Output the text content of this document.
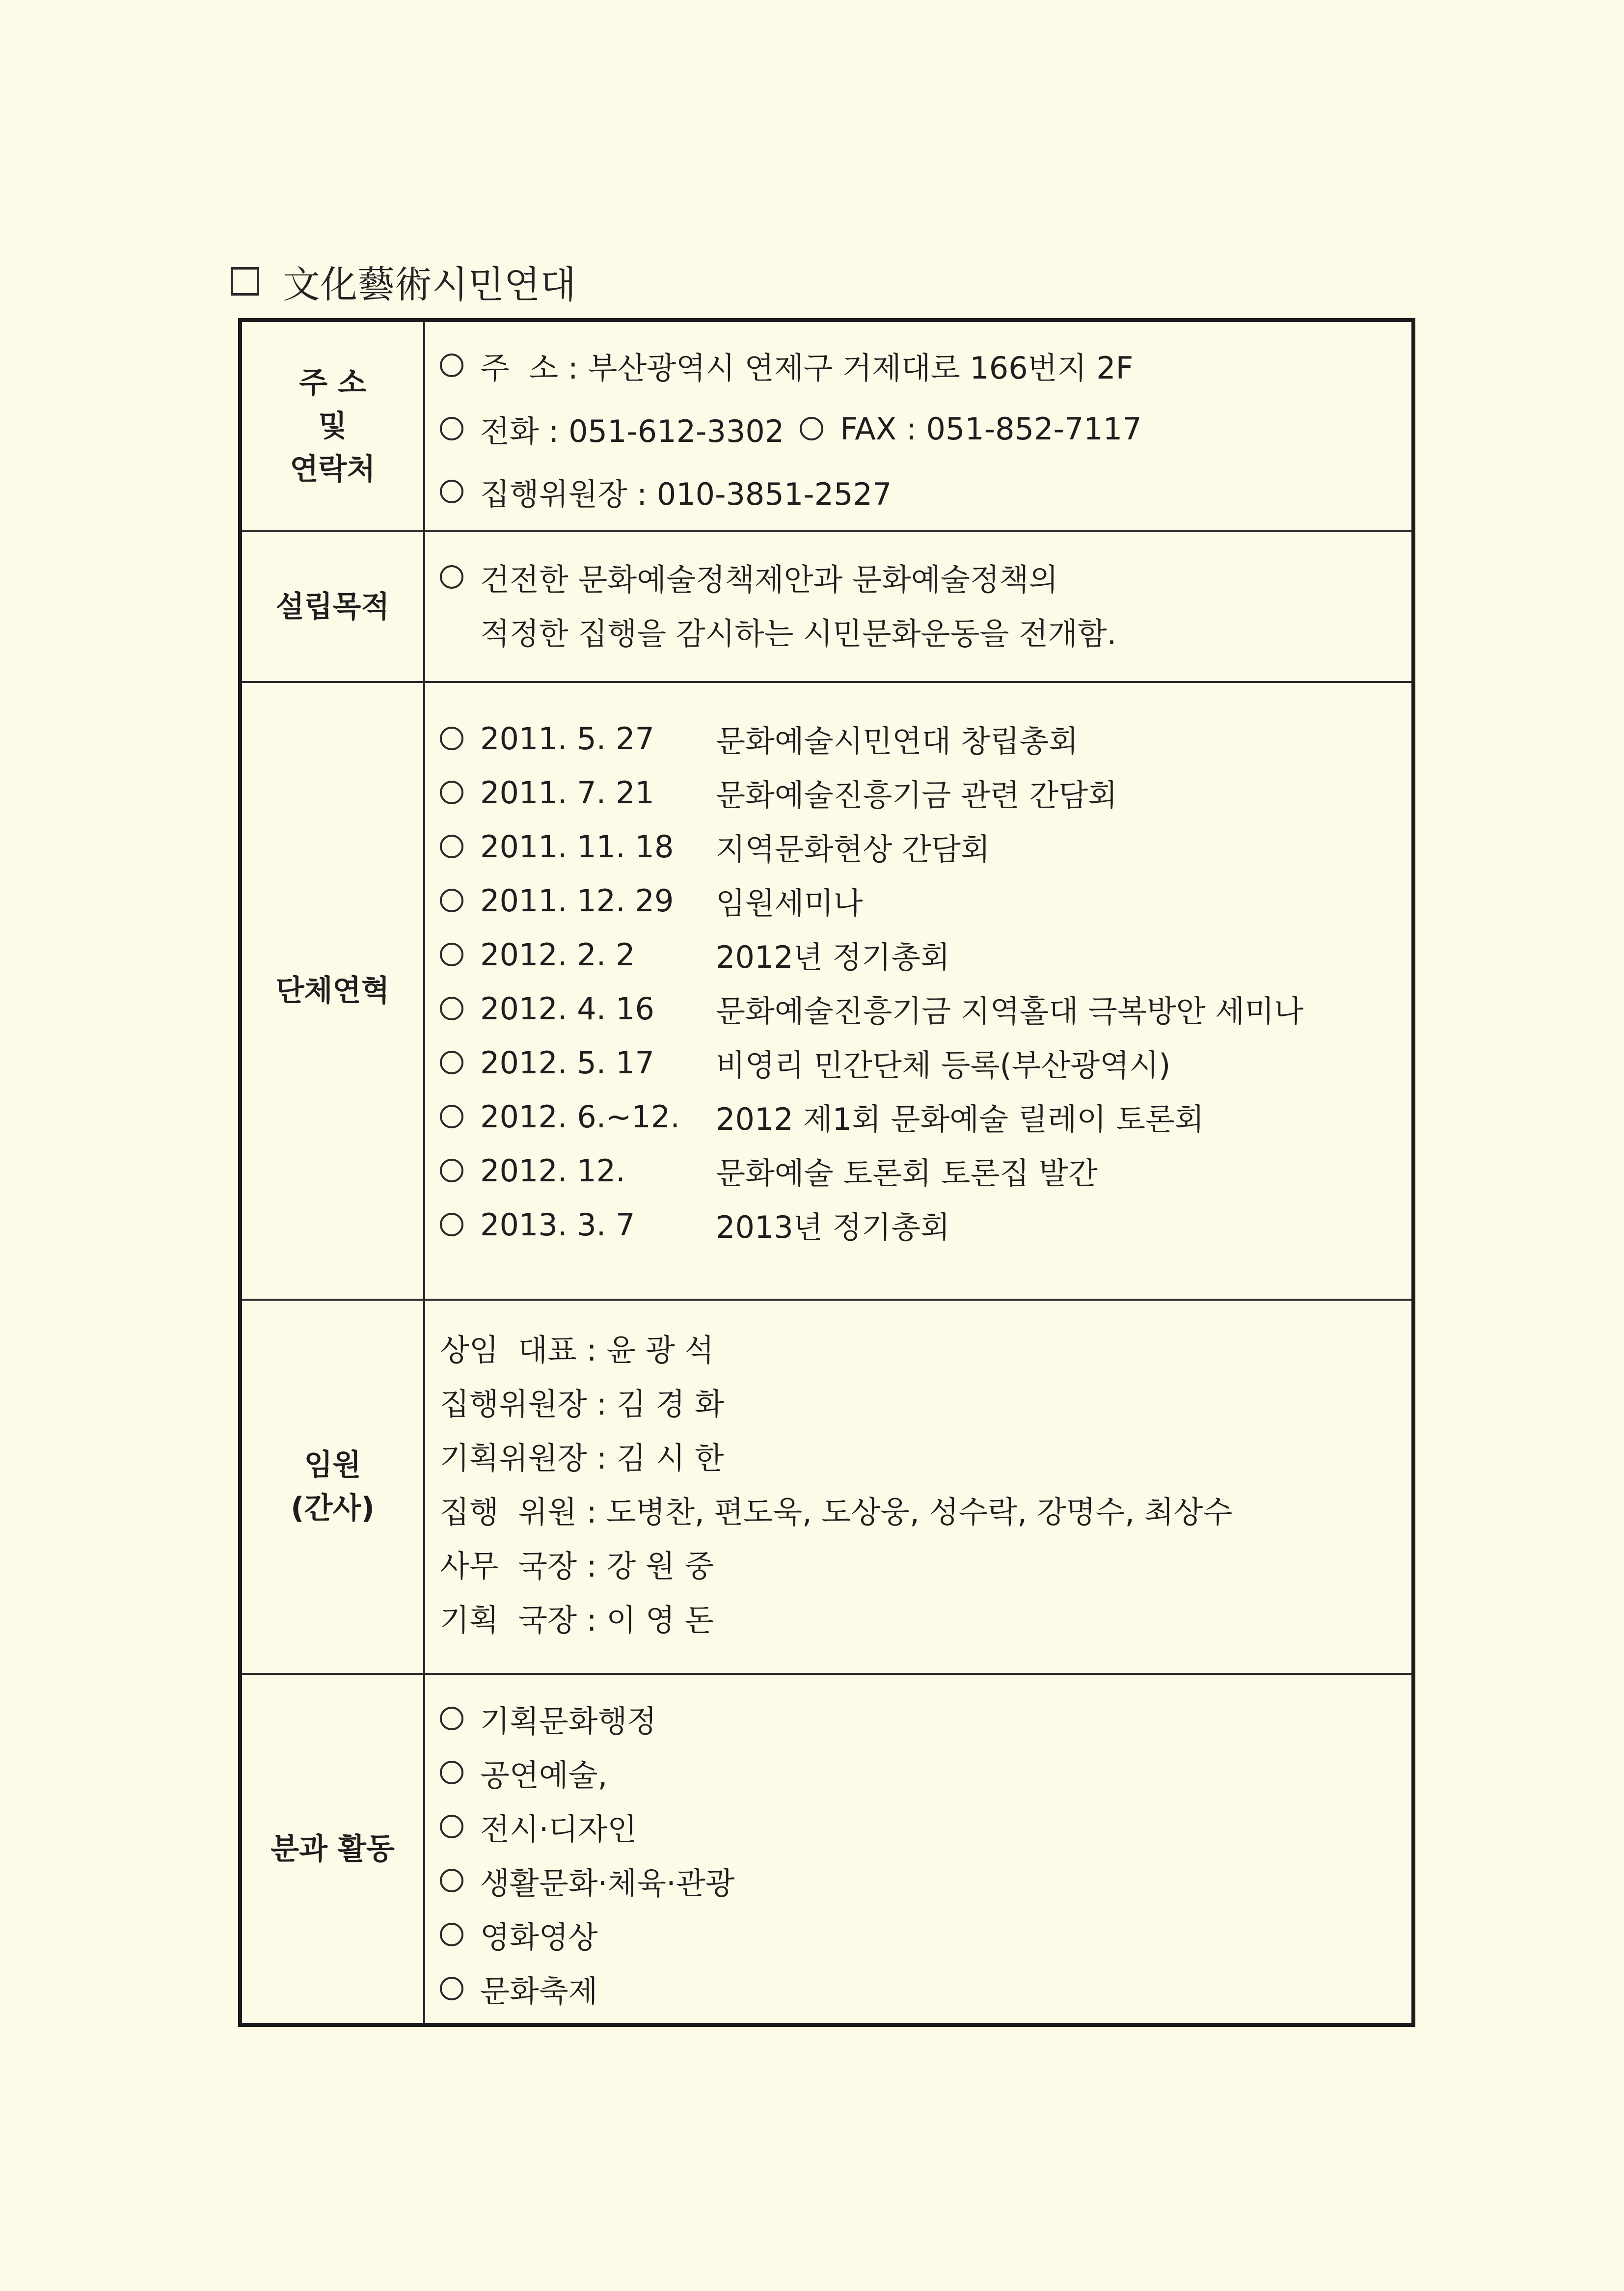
文化藝術시민연대
주 소
및
연락처
주  소 : 부산광역시 연제구 거제대로 166번지 2F
전화 : 051-612-3302 FAX : 051-852-7117
집행위원장 : 010-3851-2527
설립목적
건전한 문화예술정책제안과 문화예술정책의
적정한 집행을 감시하는 시민문화운동을 전개함.
단체연혁
2011. 5. 27	문화예술시민연대 창립총회
2011. 7. 21	문화예술진흥기금 관련 간담회
2011. 11. 18	지역문화현상 간담회
2011. 12. 29	임원세미나
2012. 2. 2	2012년 정기총회
2012. 4. 16	문화예술진흥기금 지역홀대 극복방안 세미나
2012. 5. 17	비영리 민간단체 등록(부산광역시)
2012. 6.~12.	2012 제1회 문화예술 릴레이 토론회
2012. 12.	문화예술 토론회 토론집 발간
2013. 3. 7	2013년 정기총회
임원
(간사)
상임  대표 : 윤 광 석
집행위원장 : 김 경 화
기획위원장 : 김 시 한
집행  위원 : 도병찬, 편도욱, 도상웅, 성수락, 강명수, 최상수
사무  국장 : 강 원 중
기획  국장 : 이 영 돈
분과 활동
기획문화행정
공연예술,
전시·디자인
생활문화·체육·관광
영화영상
문화축제
